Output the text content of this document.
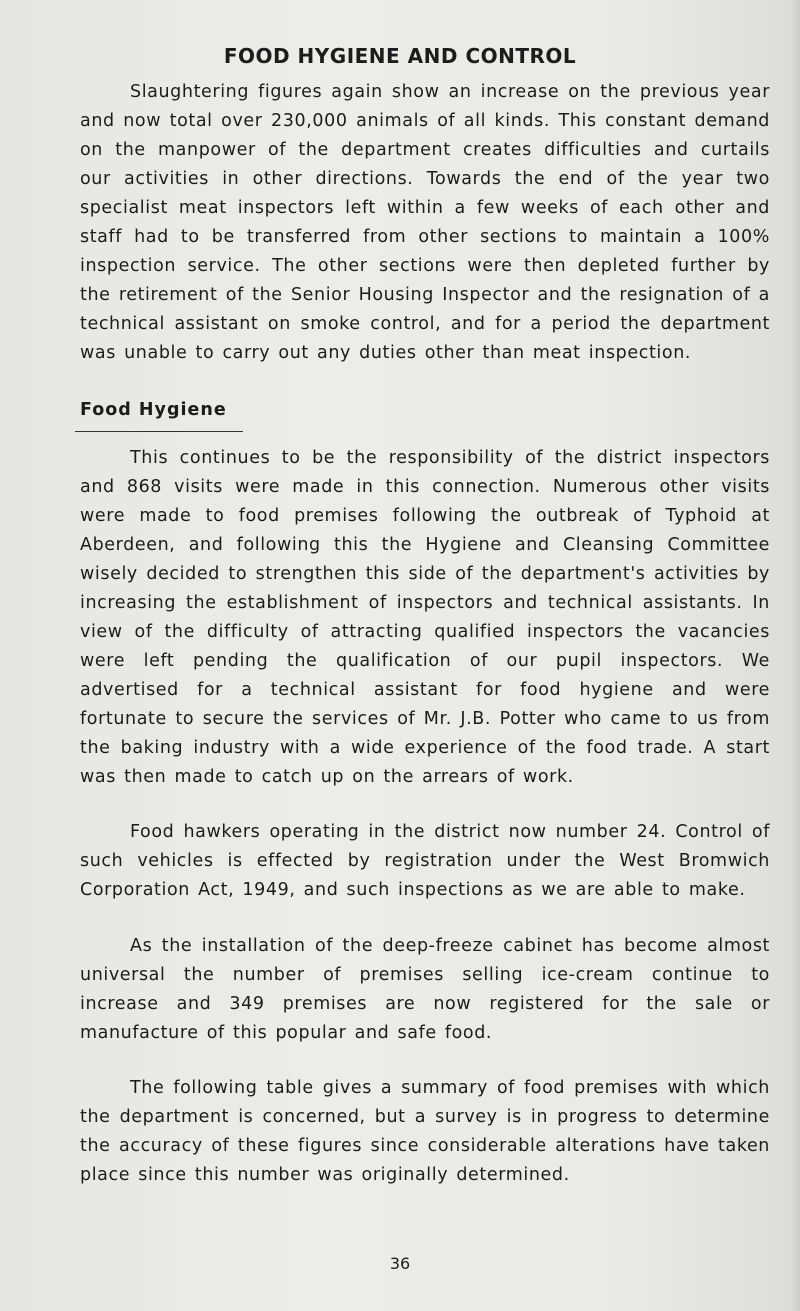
FOOD HYGIENE AND CONTROL

Slaughtering figures again show an increase on the previous year and now total over 230,000 animals of all kinds. This constant demand on the manpower of the department creates difficulties and curtails our activities in other directions. Towards the end of the year two specialist meat inspectors left within a few weeks of each other and staff had to be transferred from other sections to maintain a 100% inspection service. The other sections were then depleted further by the retirement of the Senior Housing Inspector and the resignation of a technical assistant on smoke control, and for a period the department was unable to carry out any duties other than meat inspection.

Food Hygiene

This continues to be the responsibility of the district inspectors and 868 visits were made in this connection. Numerous other visits were made to food premises following the outbreak of Typhoid at Aberdeen, and following this the Hygiene and Cleansing Committee wisely decided to strengthen this side of the department's activities by increasing the establishment of inspectors and technical assistants. In view of the difficulty of attracting qualified inspectors the vacancies were left pending the qualification of our pupil inspectors. We advertised for a technical assistant for food hygiene and were fortunate to secure the services of Mr. J.B. Potter who came to us from the baking industry with a wide experience of the food trade. A start was then made to catch up on the arrears of work.

Food hawkers operating in the district now number 24. Control of such vehicles is effected by registration under the West Bromwich Corporation Act, 1949, and such inspections as we are able to make.

As the installation of the deep-freeze cabinet has become almost universal the number of premises selling ice-cream continue to increase and 349 premises are now registered for the sale or manufacture of this popular and safe food.

The following table gives a summary of food premises with which the department is concerned, but a survey is in progress to determine the accuracy of these figures since considerable alterations have taken place since this number was originally determined.

36
